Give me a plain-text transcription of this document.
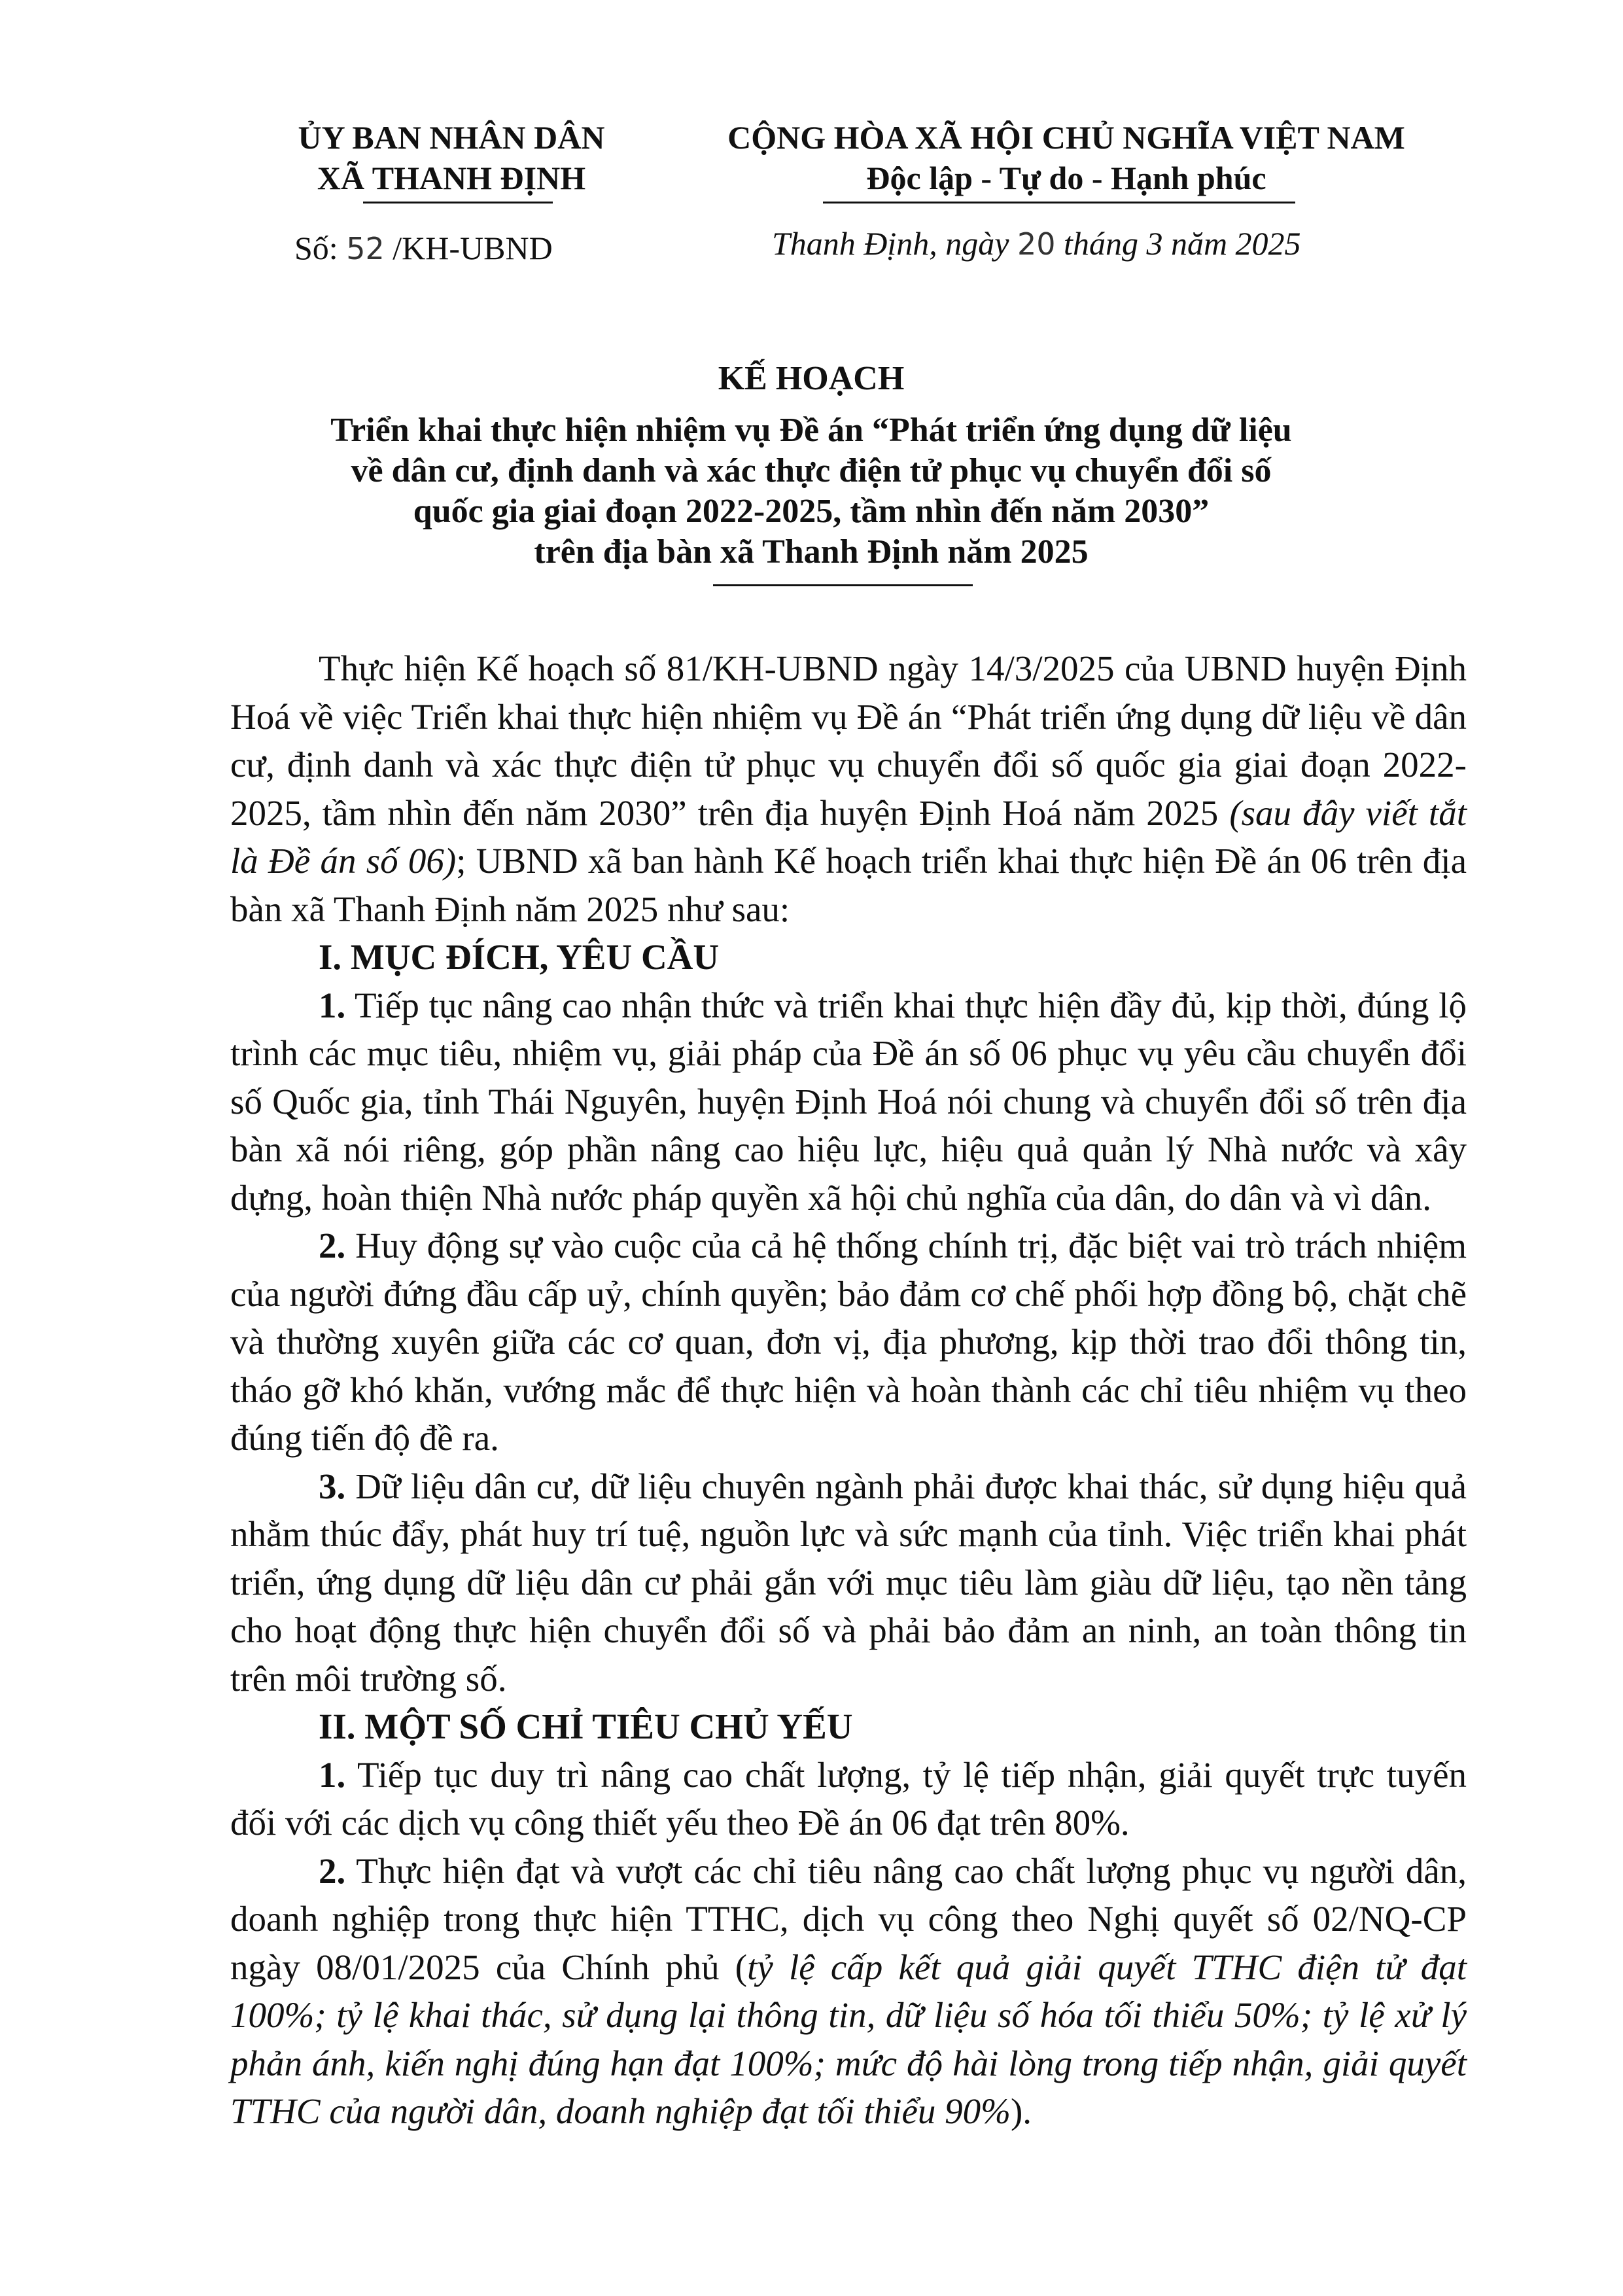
ỦY BAN NHÂN DÂN
XÃ THANH ĐỊNH
CỘNG HÒA XÃ HỘI CHỦ NGHĨA VIỆT NAM
Độc lập - Tự do - Hạnh phúc
Số: 52 /KH-UBND	Thanh Định, ngày 20 tháng 3 năm 2025
KẾ HOẠCH
Triển khai thực hiện nhiệm vụ Đề án “Phát triển ứng dụng dữ liệu
về dân cư, định danh và xác thực điện tử phục vụ chuyển đổi số
quốc gia giai đoạn 2022-2025, tầm nhìn đến năm 2030”
trên địa bàn xã Thanh Định năm 2025

Thực hiện Kế hoạch số 81/KH-UBND ngày 14/3/2025 của UBND huyện Định Hoá về việc Triển khai thực hiện nhiệm vụ Đề án “Phát triển ứng dụng dữ liệu về dân cư, định danh và xác thực điện tử phục vụ chuyển đổi số quốc gia giai đoạn 2022-2025, tầm nhìn đến năm 2030” trên địa huyện Định Hoá năm 2025 (sau đây viết tắt là Đề án số 06); UBND xã ban hành Kế hoạch triển khai thực hiện Đề án 06 trên địa bàn xã Thanh Định năm 2025 như sau:

I. MỤC ĐÍCH, YÊU CẦU

1. Tiếp tục nâng cao nhận thức và triển khai thực hiện đầy đủ, kịp thời, đúng lộ trình các mục tiêu, nhiệm vụ, giải pháp của Đề án số 06 phục vụ yêu cầu chuyển đổi số Quốc gia, tỉnh Thái Nguyên, huyện Định Hoá nói chung và chuyển đổi số trên địa bàn xã nói riêng, góp phần nâng cao hiệu lực, hiệu quả quản lý Nhà nước và xây dựng, hoàn thiện Nhà nước pháp quyền xã hội chủ nghĩa của dân, do dân và vì dân.

2. Huy động sự vào cuộc của cả hệ thống chính trị, đặc biệt vai trò trách nhiệm của người đứng đầu cấp uỷ, chính quyền; bảo đảm cơ chế phối hợp đồng bộ, chặt chẽ và thường xuyên giữa các cơ quan, đơn vị, địa phương, kịp thời trao đổi thông tin, tháo gỡ khó khăn, vướng mắc để thực hiện và hoàn thành các chỉ tiêu nhiệm vụ theo đúng tiến độ đề ra.

3. Dữ liệu dân cư, dữ liệu chuyên ngành phải được khai thác, sử dụng hiệu quả nhằm thúc đẩy, phát huy trí tuệ, nguồn lực và sức mạnh của tỉnh. Việc triển khai phát triển, ứng dụng dữ liệu dân cư phải gắn với mục tiêu làm giàu dữ liệu, tạo nền tảng cho hoạt động thực hiện chuyển đổi số và phải bảo đảm an ninh, an toàn thông tin trên môi trường số.

II. MỘT SỐ CHỈ TIÊU CHỦ YẾU

1. Tiếp tục duy trì nâng cao chất lượng, tỷ lệ tiếp nhận, giải quyết trực tuyến đối với các dịch vụ công thiết yếu theo Đề án 06 đạt trên 80%.

2. Thực hiện đạt và vượt các chỉ tiêu nâng cao chất lượng phục vụ người dân, doanh nghiệp trong thực hiện TTHC, dịch vụ công theo Nghị quyết số 02/NQ-CP ngày 08/01/2025 của Chính phủ (tỷ lệ cấp kết quả giải quyết TTHC điện tử đạt 100%; tỷ lệ khai thác, sử dụng lại thông tin, dữ liệu số hóa tối thiểu 50%; tỷ lệ xử lý phản ánh, kiến nghị đúng hạn đạt 100%; mức độ hài lòng trong tiếp nhận, giải quyết TTHC của người dân, doanh nghiệp đạt tối thiểu 90%).
